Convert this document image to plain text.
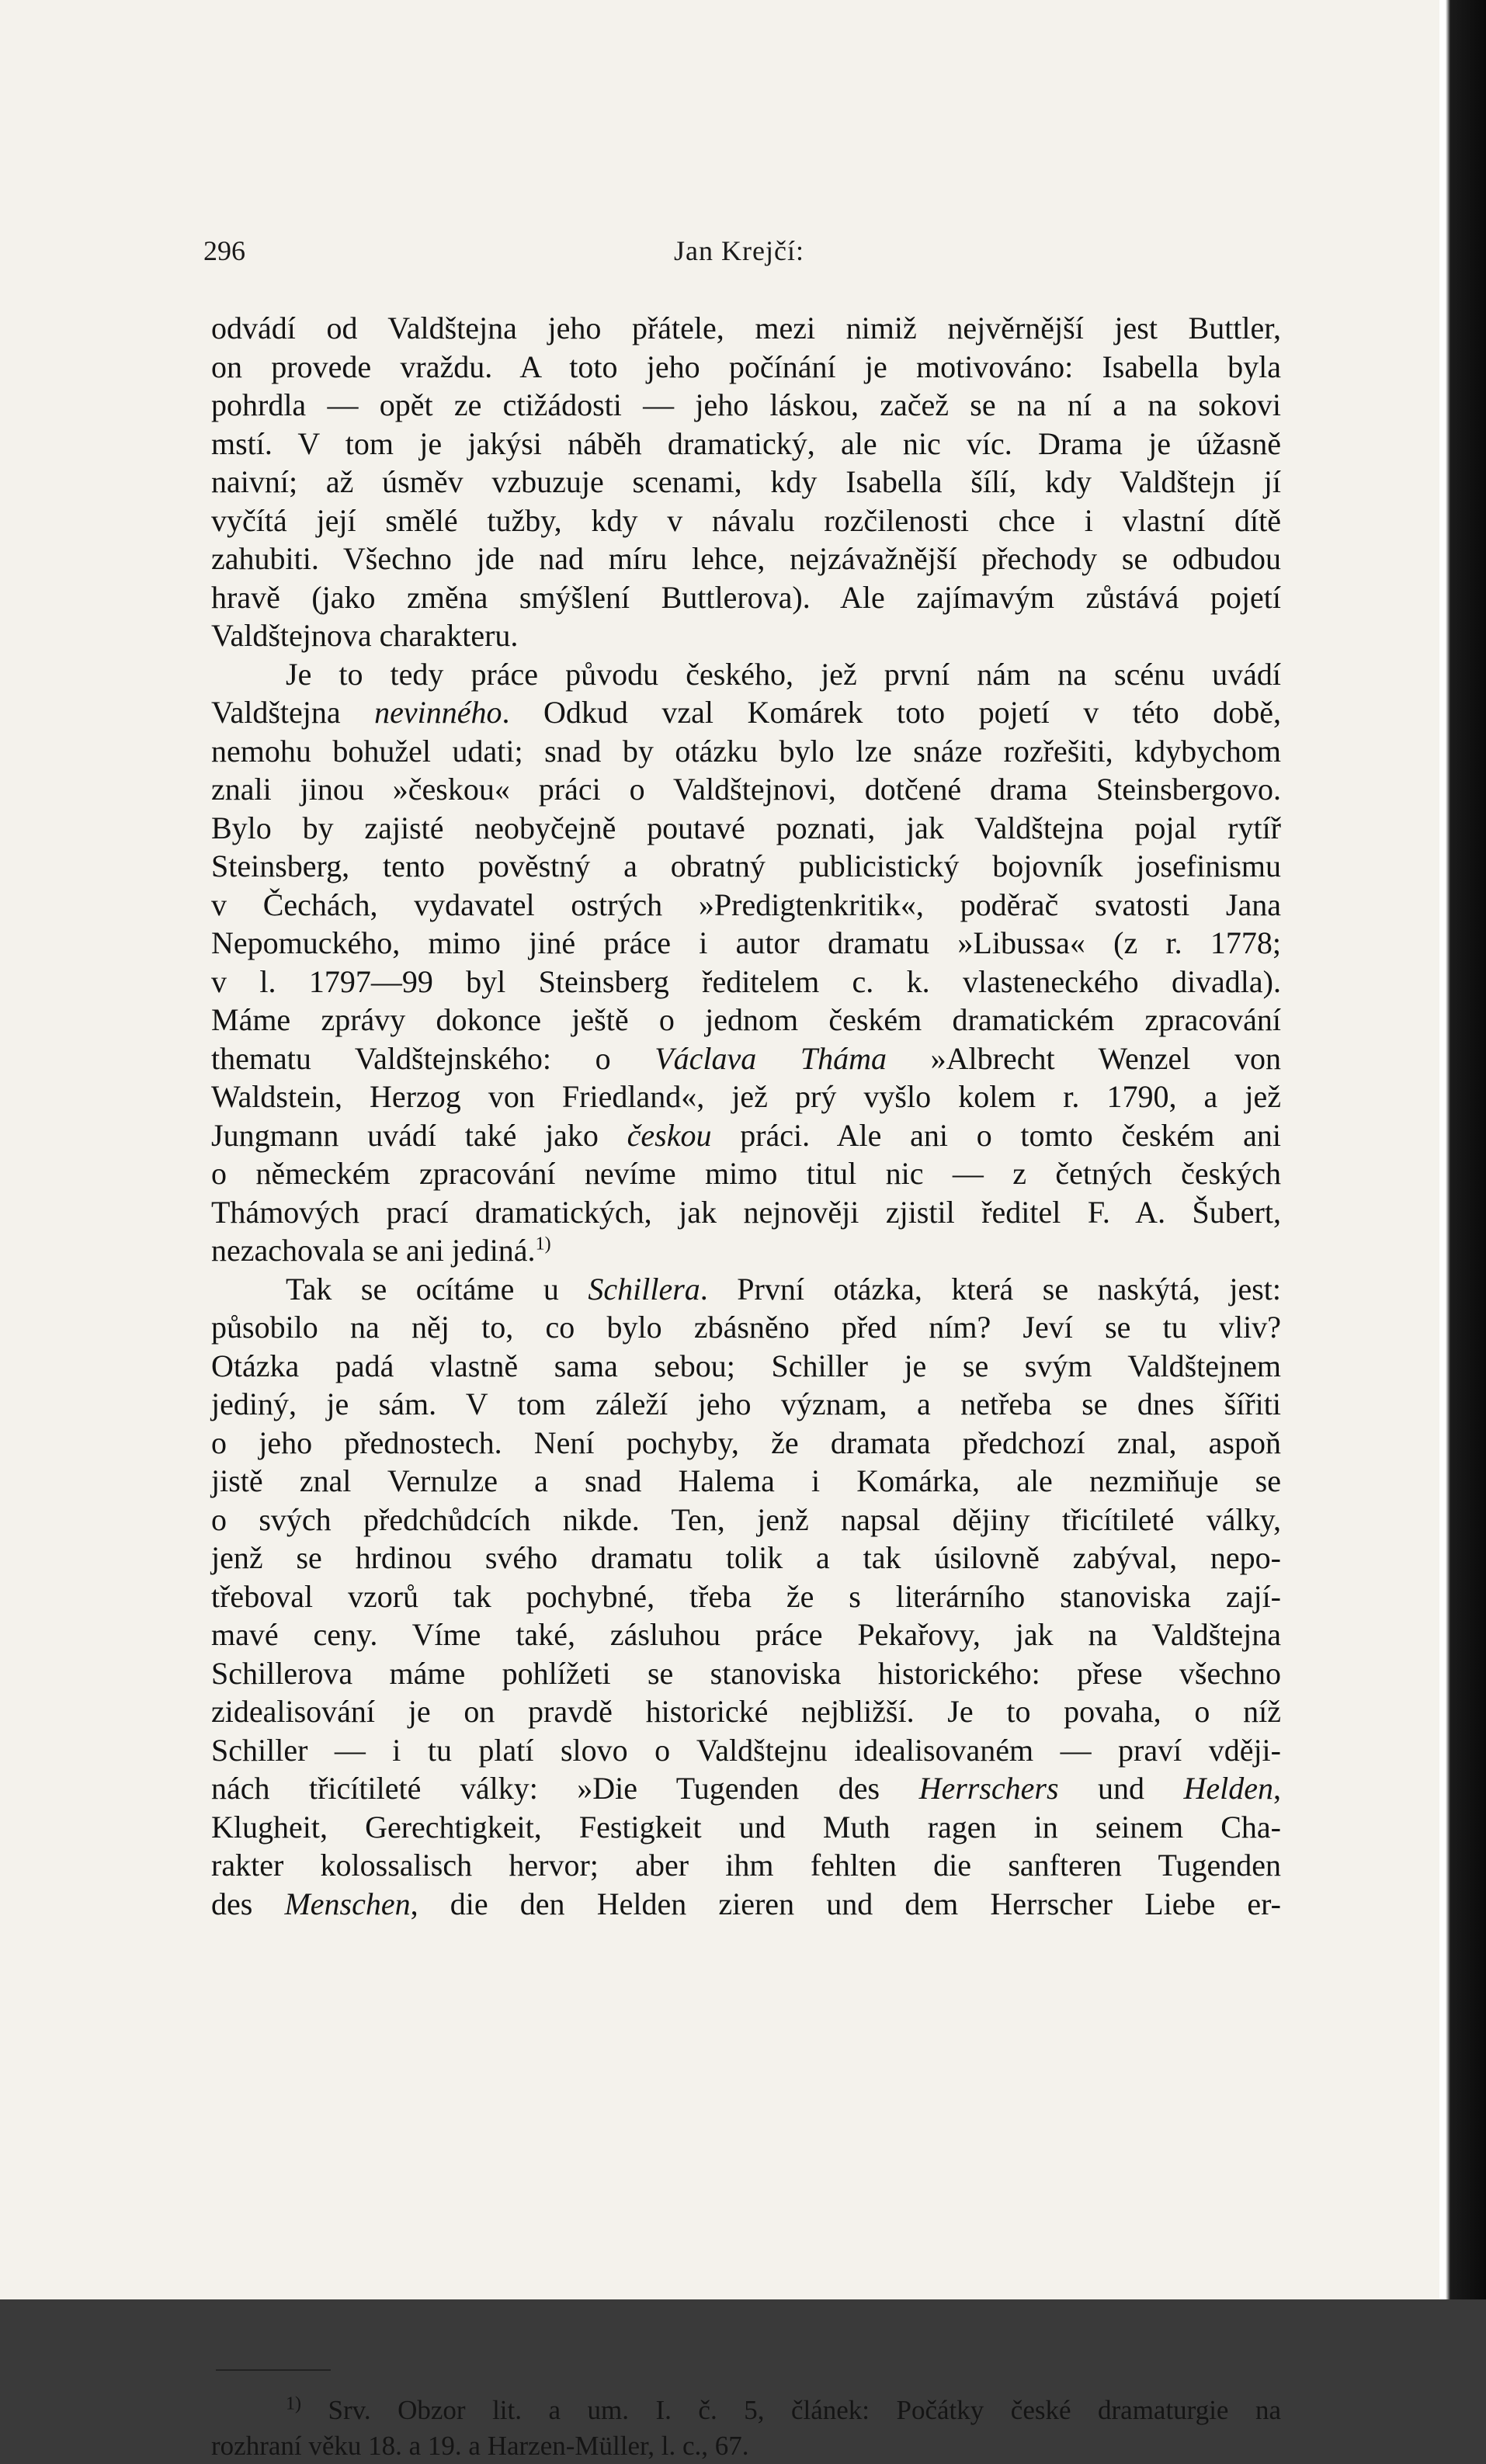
296	Jan Krejčí:
odvádí od Valdštejna jeho přátele, mezi nimiž nejvěrnější jest Buttler,
on provede vraždu. A toto jeho počínání je motivováno: Isabella byla
pohrdla — opět ze ctižádosti — jeho láskou, začež se na ní a na sokovi
mstí. V tom je jakýsi náběh dramatický, ale nic víc. Drama je úžasně
naivní; až úsměv vzbuzuje scenami, kdy Isabella šílí, kdy Valdštejn jí
vyčítá její smělé tužby, kdy v návalu rozčilenosti chce i vlastní dítě
zahubiti. Všechno jde nad míru lehce, nejzávažnější přechody se odbudou
hravě (jako změna smýšlení Buttlerova). Ale zajímavým zůstává pojetí
Valdštejnova charakteru.
Je to tedy práce původu českého, jež první nám na scénu uvádí
Valdštejna nevinného. Odkud vzal Komárek toto pojetí v této době,
nemohu bohužel udati; snad by otázku bylo lze snáze rozřešiti, kdybychom
znali jinou »českou« práci o Valdštejnovi, dotčené drama Steinsbergovo.
Bylo by zajisté neobyčejně poutavé poznati, jak Valdštejna pojal rytíř
Steinsberg, tento pověstný a obratný publicistický bojovník josefinismu
v Čechách, vydavatel ostrých »Predigtenkritik«, poděrač svatosti Jana
Nepomuckého, mimo jiné práce i autor dramatu »Libussa« (z r. 1778;
v l. 1797—99 byl Steinsberg ředitelem c. k. vlasteneckého divadla).
Máme zprávy dokonce ještě o jednom českém dramatickém zpracování
thematu Valdštejnského: o Václava Tháma »Albrecht Wenzel von
Waldstein, Herzog von Friedland«, jež prý vyšlo kolem r. 1790, a jež
Jungmann uvádí také jako českou práci. Ale ani o tomto českém ani
o německém zpracování nevíme mimo titul nic — z četných českých
Thámových prací dramatických, jak nejnověji zjistil ředitel F. A. Šubert,
nezachovala se ani jediná.$^{1)}$
Tak se ocítáme u Schillera. První otázka, která se naskýtá, jest:
působilo na něj to, co bylo zbásněno před ním? Jeví se tu vliv?
Otázka padá vlastně sama sebou; Schiller je se svým Valdštejnem
jediný, je sám. V tom záleží jeho význam, a netřeba se dnes šířiti
o jeho přednostech. Není pochyby, že dramata předchozí znal, aspoň
jistě znal Vernulze a snad Halema i Komárka, ale nezmiňuje se
o svých předchůdcích nikde. Ten, jenž napsal dějiny třicítileté války,
jenž se hrdinou svého dramatu tolik a tak úsilovně zabýval, nepo-
třeboval vzorů tak pochybné, třeba že s literárního stanoviska zají-
mavé ceny. Víme také, zásluhou práce Pekařovy, jak na Valdštejna
Schillerova máme pohlížeti se stanoviska historického: přese všechno
zidealisování je on pravdě historické nejbližší. Je to povaha, o níž
Schiller — i tu platí slovo o Valdštejnu idealisovaném — praví vději-
nách třicítileté války: »Die Tugenden des Herrschers und Helden,
Klugheit, Gerechtigkeit, Festigkeit und Muth ragen in seinem Cha-
rakter kolossalisch hervor; aber ihm fehlten die sanfteren Tugenden
des Menschen, die den Helden zieren und dem Herrscher Liebe er-
$^{1)}$ Srv. Obzor lit. a um. I. č. 5, článek: Počátky české dramaturgie na
rozhraní věku 18. a 19. a Harzen-Müller, l. c., 67.
